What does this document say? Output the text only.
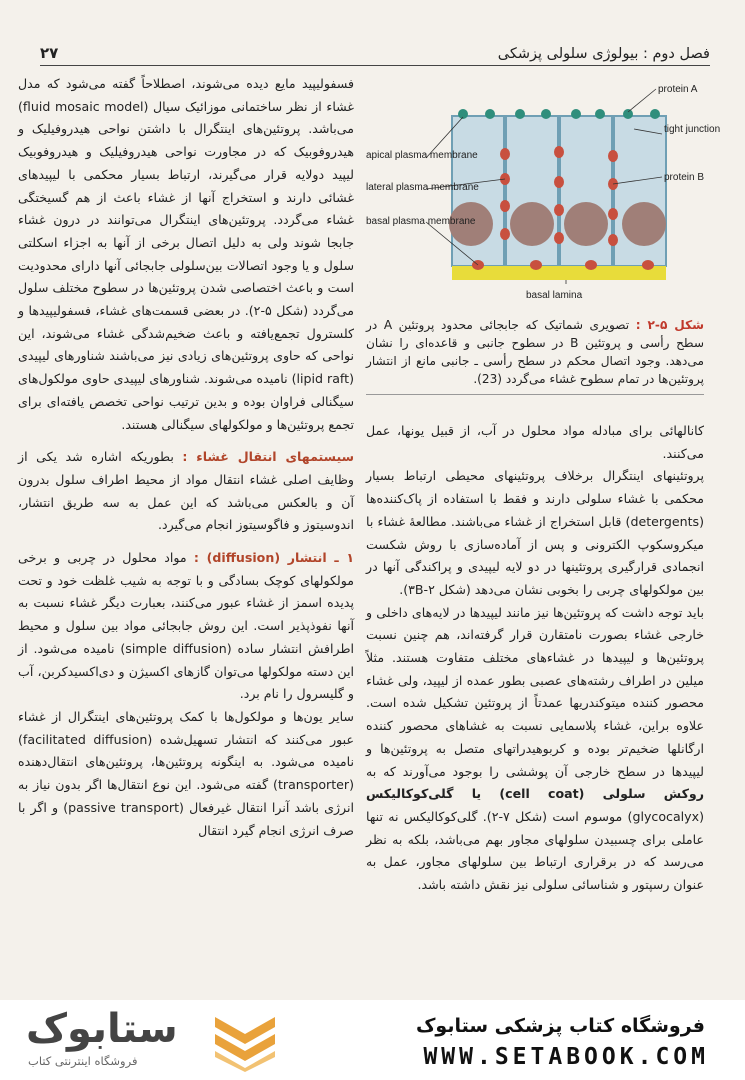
فصل دوم : بیولوژی سلولی پزشکی
۲۷
protein A
tight junction
protein B
apical plasma membrane
lateral plasma membrane
basal plasma membrane
basal lamina
شکل ۵-۲ : تصویری شماتیک که جابجائی محدود پروتئین A در سطح رأسی و پروتئین B در سطوح جانبی و قاعده‌ای را نشان می‌دهد. وجود اتصال محکم در سطح رأسی ـ جانبی مانع از انتشار پروتئین‌ها در تمام سطوح غشاء می‌گردد (23).

فسفولیپید مایع دیده می‌شوند، اصطلاحاً گفته می‌شود که مدل غشاء از نظر ساختمانی موزائیک سیال (fluid mosaic model) می‌باشد. پروتئین‌های اینتگرال با داشتن نواحی هیدروفیلیک و هیدروفوبیک که در مجاورت نواحی هیدروفیلیک و هیدروفوبیک لیپید دولایه قرار می‌گیرند، ارتباط بسیار محکمی با لیپیدهای غشائی دارند و استخراج آنها از غشاء باعث از هم گسیختگی غشاء می‌گردد. پروتئین‌های اینتگرال می‌توانند در درون غشاء جابجا شوند ولی به دلیل اتصال برخی از آنها به اجزاء اسکلتی سلول و یا وجود اتصالات بین‌سلولی جابجائی آنها دارای محدودیت است و باعث اختصاصی شدن پروتئین‌ها در سطوح مختلف سلول می‌گردد (شکل ۵-۲). در بعضی قسمت‌های غشاء، فسفولیپیدها و کلسترول تجمع‌یافته و باعث ضخیم‌شدگی غشاء می‌شوند، این نواحی که حاوی پروتئین‌های زیادی نیز می‌باشند شناورهای لیپیدی (lipid raft) نامیده می‌شوند. شناورهای لیپیدی حاوی مولکول‌های سیگنالی فراوان بوده و بدین ترتیب نواحی تخصص یافته‌ای برای تجمع پروتئین‌ها و مولکولهای سیگنالی هستند.

سیستمهای انتقال غشاء : بطوریکه اشاره شد یکی از وظایف اصلی غشاء انتقال مواد از محیط اطراف سلول بدرون آن و بالعکس می‌باشد که این عمل به سه طریق انتشار، اندوسیتوز و فاگوسیتوز انجام می‌گیرد.

۱ ـ انتشار (diffusion) : مواد محلول در چربی و برخی مولکولهای کوچک بسادگی و با توجه به شیب غلظت خود و تحت پدیده اسمز از غشاء عبور می‌کنند، بعبارت دیگر غشاء نسبت به آنها نفوذپذیر است. این روش جابجائی مواد بین سلول و محیط اطرافش انتشار ساده (simple diffusion) نامیده می‌شود. از این دسته مولکولها می‌توان گازهای اکسیژن و دی‌اکسیدکربن، آب و گلیسرول را نام برد.

سایر یون‌ها و مولکول‌ها با کمک پروتئین‌های اینتگرال از غشاء عبور می‌کنند که انتشار تسهیل‌شده (facilitated diffusion) نامیده می‌شود. به اینگونه پروتئین‌ها، پروتئین‌های انتقال‌دهنده (transporter) گفته می‌شود. این نوع انتقال‌ها اگر بدون نیاز به انرژی باشد آنرا انتقال غیرفعال (passive transport) و اگر با صرف انرژی انجام گیرد انتقال

کانالهائی برای مبادله مواد محلول در آب، از قبیل یونها، عمل می‌کنند.

پروتئینهای اینتگرال برخلاف پروتئینهای محیطی ارتباط بسیار محکمی با غشاء سلولی دارند و فقط با استفاده از پاک‌کننده‌ها (detergents) قابل استخراج از غشاء می‌باشند. مطالعهٔ غشاء با میکروسکوپ الکترونی و پس از آماده‌سازی با روش شکست انجمادی قرارگیری پروتئینها در دو لایه لیپیدی و پراکندگی آنها در بین مولکولهای چربی را بخوبی نشان می‌دهد (شکل ۳B-۲).

باید توجه داشت که پروتئین‌ها نیز مانند لیپیدها در لایه‌های داخلی و خارجی غشاء بصورت نامتقارن قرار گرفته‌اند، هم چنین نسبت پروتئین‌ها و لیپیدها در غشاءهای مختلف متفاوت هستند. مثلاً میلین در اطراف رشته‌های عصبی بطور عمده از لیپید، ولی غشاء محصور کننده میتوکندریها عمدتاً از پروتئین تشکیل شده است. علاوه براین، غشاء پلاسمایی نسبت به غشاهای محصور کننده ارگانلها ضخیم‌تر بوده و کربوهیدراتهای متصل به پروتئین‌ها و لیپیدها در سطح خارجی آن پوششی را بوجود می‌آورند که به روکش سلولی (cell coat) یا گلی‌کوکالیکس (glycocalyx) موسوم است (شکل ۷-۲). گلی‌کوکالیکس نه تنها عاملی برای چسبیدن سلولهای مجاور بهم می‌باشد، بلکه به نظر می‌رسد که در برقراری ارتباط بین سلولهای مجاور، عمل به عنوان رسپتور و شناسائی سلولی نیز نقش داشته باشد.

ستابوک
فروشگاه اینترنتی کتاب
فروشگاه کتاب پزشکی ستابوک
WWW.SETABOOK.COM
